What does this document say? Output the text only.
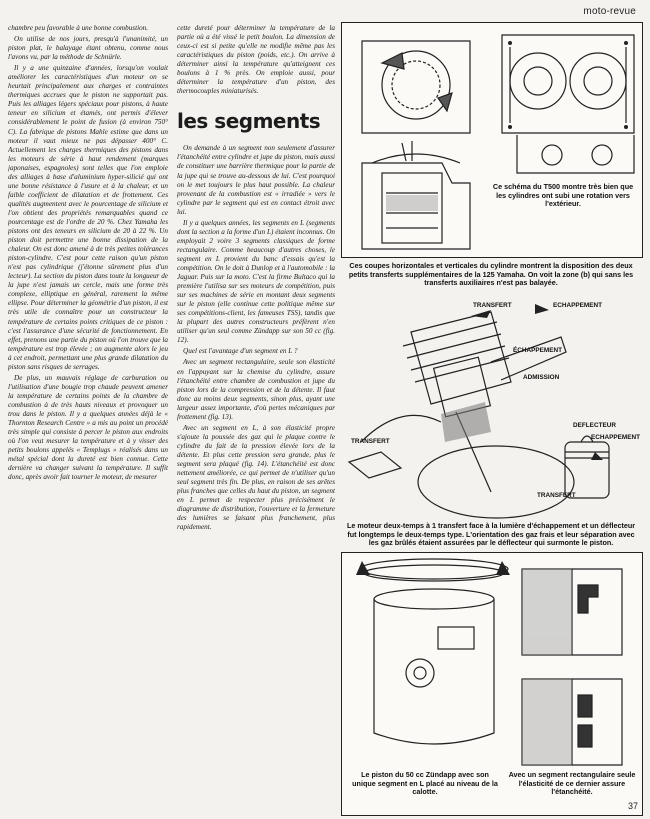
moto-revue

chambre peu favorable à une bonne combustion.

On utilise de nos jours, presqu'à l'unanimité, un piston plat, le balayage étant obtenu, comme nous l'avons vu, par la méthode de Schnürle.

Il y a une quinzaine d'années, lorsqu'on voulait améliorer les caractéristiques d'un moteur on se heurtait principalement aux charges et contraintes thermiques accrues que le piston ne supportait pas. Puis les alliages légers spéciaux pour pistons, à haute teneur en silicium et étamés, ont permis d'élever considérablement le point de fusion (à environ 750° C). La fabrique de pistons Mahle estime que dans un moteur il vaut mieux ne pas dépasser 400° C. Actuellement les charges thermiques des pistons dans les moteurs de série à haut rendement (marques japonaises, espagnoles) sont telles que l'on emploie des alliages à base d'aluminium hyper-silicié qui ont une bonne résistance à l'usure et à la chaleur, et un faible coefficient de dilatation et de frottement. Ces qualités augmentent avec le pourcentage de silicium et l'on obtient des propriétés remarquables quand ce pourcentage est de l'ordre de 20 %. Chez Yamaha les pistons ont des teneurs en silicium de 20 à 22 %. Un piston doit permettre une bonne dissipation de la chaleur. On est donc amené à de très petites tolérances piston-cylindre. C'est pour cette raison qu'un piston n'est pas cylindrique (j'étonne sûrement plus d'un lecteur). La section du piston dans toute la longueur de la jupe n'est jamais un cercle, mais une forme très complexe, elliptique en général, rarement la même ellipse. Pour déterminer la géométrie d'un piston, il est très utile de connaître pour un constructeur la température de certains points critiques de ce piston : c'est l'assurance d'une sécurité de fonctionnement. En effet, prenons une partie du piston où l'on trouve que la température est trop élevée ; on augmente alors le jeu à cet endroit, permettant une plus grande dilatation du piston sans risques de serrages.

De plus, un mauvais réglage de carburation ou l'utilisation d'une bougie trop chaude peuvent amener la température de certains points de la chambre de combustion à de très hauts niveaux et provoquer un trou dans le piston. Il y a quelques années déjà le « Thornton Research Centre » a mis au point un procédé très simple qui consiste à percer le piston aux endroits où l'on veut mesurer la température et à y visser des petits boulons appelés « Templugs » réalisés dans un métal spécial dont la dureté est bien connue. Cette dernière va changer suivant la température. Il suffit donc, après avoir fait tourner le moteur, de mesurer

cette dureté pour déterminer la température de la partie où a été vissé le petit boulon. La dimension de ceux-ci est si petite qu'elle ne modifie même pas les caractéristiques du piston (poids, etc.). On arrive à déterminer ainsi la température qu'atteignent ces boulons à 1 % près. On emploie aussi, pour déterminer la température d'un piston, des thermocouples miniaturisés.

les segments

On demande à un segment non seulement d'assurer l'étanchéité entre cylindre et jupe du piston, mais aussi de constituer une barrière thermique pour la partie de la jupe qui se trouve au-dessous de lui. C'est pourquoi on le met toujours le plus haut possible. La chaleur provenant de la combustion est « irradiée » vers le cylindre par le segment qui est en contact étroit avec lui.

Il y a quelques années, les segments en L (segments dont la section a la forme d'un L) étaient inconnus. On employait 2 voire 3 segments classiques de forme rectangulaire. Comme beaucoup d'autres choses, le segment en L provient du banc d'essais qu'est la compétition. On le doit à Dunlop et à l'automobile : la Jaguar. Puis sur la moto. C'est la firme Bultaco qui la première l'utilisa sur ses moteurs de compétition, puis sur ses machines de série en montant deux segments sur le piston (elle continue cette politique même sur ses compétitions-client, les fameuses TSS), tandis que la plupart des autres constructeurs préfèrent n'en utiliser qu'un seul comme Zündapp sur son 50 cc (fig. 12).

Quel est l'avantage d'un segment en L ?

Avec un segment rectangulaire, seule son élasticité en l'appuyant sur la chemise du cylindre, assure l'étanchéité entre chambre de combustion et jupe du piston lors de la compression et de la détente. Il faut donc au moins deux segments, sinon plus, ayant une largeur assez importante, d'où pertes mécaniques par frottement (fig. 13).

Avec un segment en L, à son élasticité propre s'ajoute la poussée des gaz qui le plaque contre le cylindre du fait de la pression élevée lors de la détente. Et plus cette pression sera grande, plus le segment sera plaqué (fig. 14). L'étanchéité est donc nettement améliorée, ce qui permet de n'utiliser qu'un seul segment très fin. De plus, en raison de ses arêtes plus franches que celles du haut du piston, un segment en L permet de respecter plus précisément le diagramme de distribution, l'ouverture et la fermeture des lumières se faisant plus franchement, plus rapidement.

Ce schéma du T500 montre très bien que les cylindres ont subi une rotation vers l'extérieur.
Ces coupes horizontales et verticales du cylindre montrent la disposition des deux petits transferts supplémentaires de la 125 Yamaha. On voit la zone (b) qui sans les transferts auxiliaires n'est pas balayée.
TRANSFERT	ECHAPPEMENT
ÉCHAPPEMENT
ADMISSION
TRANSFERT
DEFLECTEUR
ECHAPPEMENT
TRANSFERT
Le moteur deux-temps à 1 transfert face à la lumière d'échappement et un déflecteur fut longtemps le deux-temps type. L'orientation des gaz frais et leur séparation avec les gaz brûlés étaient assurées par le déflecteur qui surmonte le piston.
Le piston du 50 cc Zündapp avec son unique segment en L placé au niveau de la calotte.
Avec un segment rectangulaire seule l'élasticité de ce dernier assure l'étanchéité.
37
